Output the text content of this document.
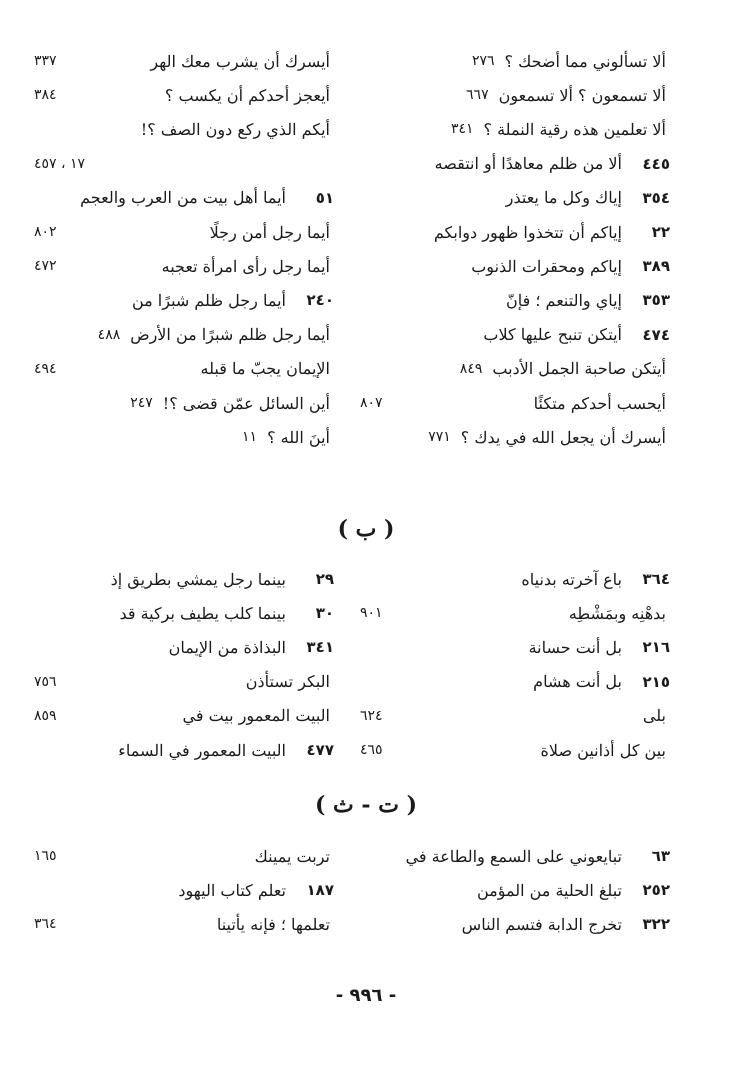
ألا تسألوني مما أضحك ؟
٢٧٦
ألا تسمعون ؟ ألا تسمعون
٦٦٧
ألا تعلمين هذه رقية النملة ؟
٣٤١
٤٤٥
ألا من ظلم معاهدًا أو انتقصه
٣٥٤
إياك وكل ما يعتذر
٢٢
إياكم أن تتخذوا ظهور دوابكم
٣٨٩
إياكم ومحقرات الذنوب
٣٥٣
إياي والتنعم ؛ فإنّ
٤٧٤
أيتكن تنبح عليها كلاب
أيتكن صاحبة الجمل الأدبب
٨٤٩
أيحسب أحدكم متكئًا
٨٠٧
أيسرك أن يجعل الله في يدك ؟
٧٧١
أيسرك أن يشرب معك الهر
٣٣٧
أيعجز أحدكم أن يكسب ؟
٣٨٤
أيكم الذي ركع دون الصف ؟!
١٧ ، ٤٥٧
٥١
أيما أهل بيت من العرب والعجم
أيما رجل أمن رجلًا
٨٠٢
أيما رجل رأى امرأة تعجبه
٤٧٢
٢٤٠
أيما رجل ظلم شبرًا من
أيما رجل ظلم شبرًا من الأرض
٤٨٨
الإيمان يجبّ ما قبله
٤٩٤
أين السائل عمّن قضى ؟!
٢٤٧
أينَ الله ؟
١١
٣٦٤
باع آخرته بدنياه
بدهْنِه وبمَشْطِه
٩٠١
٢١٦
بل أنت حسانة
٢١٥
بل أنت هشام
بلى
٦٢٤
بين كل أذانين صلاة
٤٦٥
٢٩
بينما رجل يمشي بطريق إذ
٣٠
بينما كلب يطيف بركية قد
٣٤١
البذاذة من الإيمان
البكر تستأذن
٧٥٦
البيت المعمور بيت في
٨٥٩
٤٧٧
البيت المعمور في السماء
٦٣
تبايعوني على السمع والطاعة في
٢٥٢
تبلغ الحلية من المؤمن
٣٢٢
تخرج الدابة فتسم الناس
تربت يمينك
١٦٥
١٨٧
تعلم كتاب اليهود
تعلمها ؛ فإنه يأتينا
٣٦٤
( ب )
( ت - ث )
- ٩٩٦ -
